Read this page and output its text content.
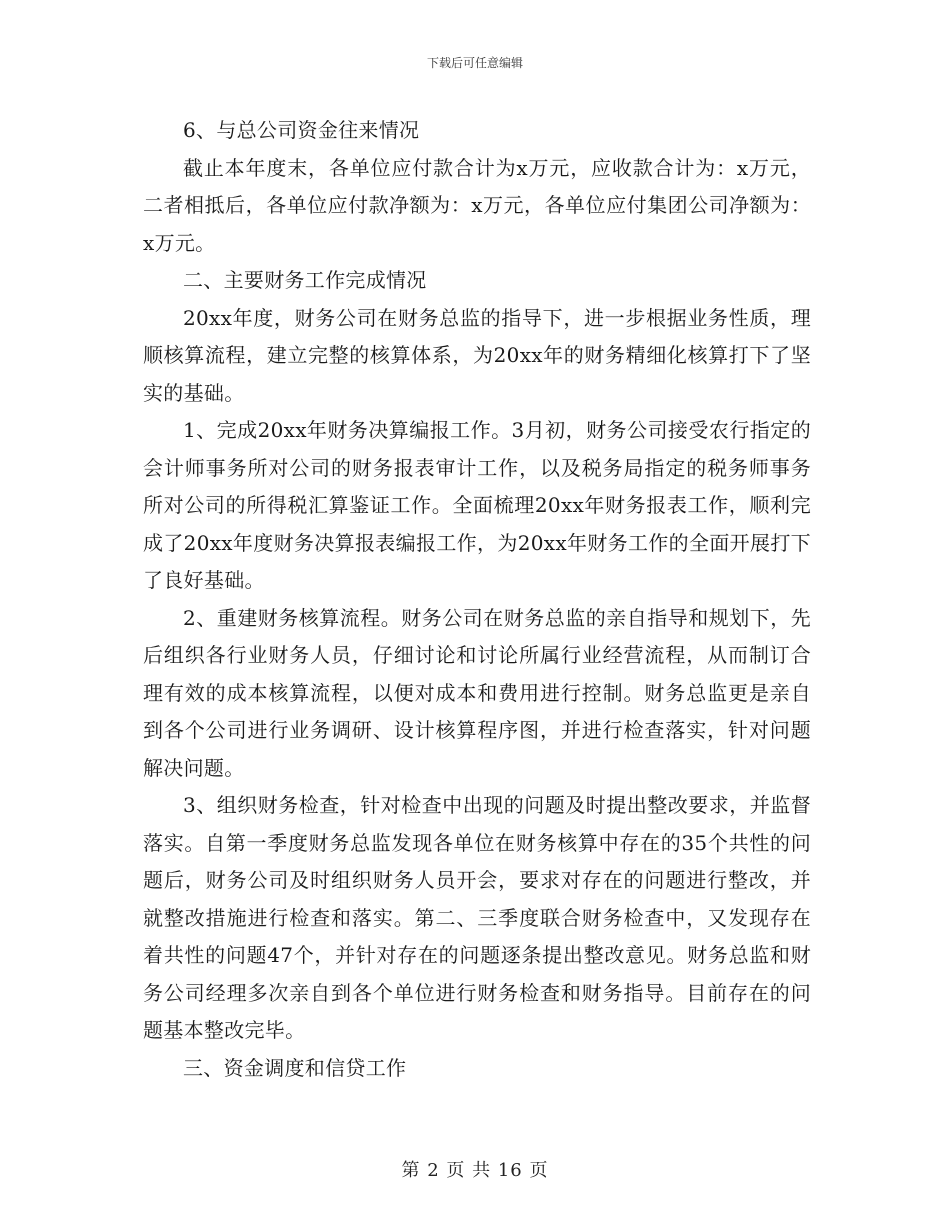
下载后可任意编辑

6、与总公司资金往来情况

截止本年度末，各单位应付款合计为x万元，应收款合计为：x万元，二者相抵后，各单位应付款净额为：x万元，各单位应付集团公司净额为：x万元。

二、主要财务工作完成情况

20xx年度，财务公司在财务总监的指导下，进一步根据业务性质，理顺核算流程，建立完整的核算体系，为20xx年的财务精细化核算打下了坚实的基础。

1、完成20xx年财务决算编报工作。3月初，财务公司接受农行指定的会计师事务所对公司的财务报表审计工作，以及税务局指定的税务师事务所对公司的所得税汇算鉴证工作。全面梳理20xx年财务报表工作，顺利完成了20xx年度财务决算报表编报工作，为20xx年财务工作的全面开展打下了良好基础。

2、重建财务核算流程。财务公司在财务总监的亲自指导和规划下，先后组织各行业财务人员，仔细讨论和讨论所属行业经营流程，从而制订合理有效的成本核算流程，以便对成本和费用进行控制。财务总监更是亲自到各个公司进行业务调研、设计核算程序图，并进行检查落实，针对问题解决问题。

3、组织财务检查，针对检查中出现的问题及时提出整改要求，并监督落实。自第一季度财务总监发现各单位在财务核算中存在的35个共性的问题后，财务公司及时组织财务人员开会，要求对存在的问题进行整改，并就整改措施进行检查和落实。第二、三季度联合财务检查中，又发现存在着共性的问题47个，并针对存在的问题逐条提出整改意见。财务总监和财务公司经理多次亲自到各个单位进行财务检查和财务指导。目前存在的问题基本整改完毕。

三、资金调度和信贷工作

第 2 页 共 16 页
